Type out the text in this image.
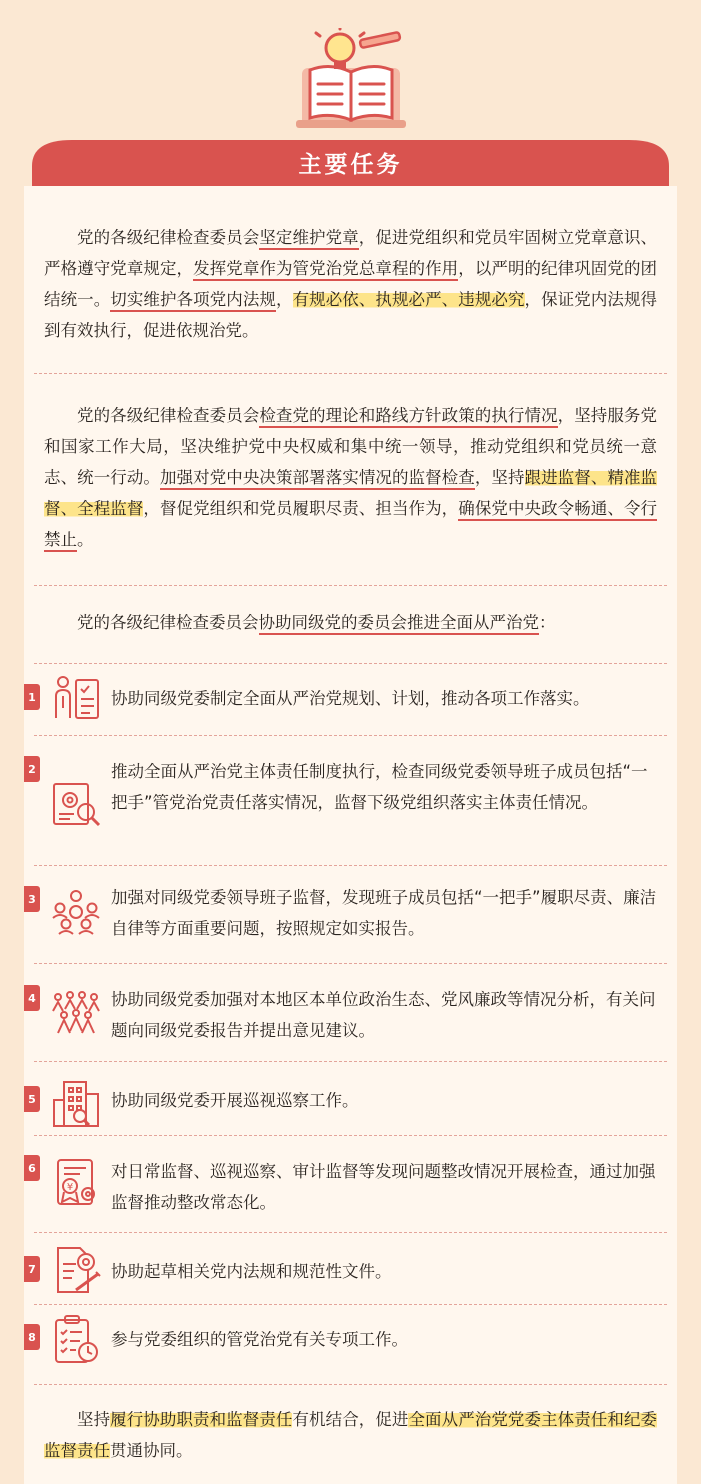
主要任务

党的各级纪律检查委员会坚定维护党章，促进党组织和党员牢固树立党章意识、严格遵守党章规定，发挥党章作为管党治党总章程的作用，以严明的纪律巩固党的团结统一。切实维护各项党内法规，有规必依、执规必严、违规必究，保证党内法规得到有效执行，促进依规治党。

党的各级纪律检查委员会检查党的理论和路线方针政策的执行情况，坚持服务党和国家工作大局，坚决维护党中央权威和集中统一领导，推动党组织和党员统一意志、统一行动。加强对党中央决策部署落实情况的监督检查，坚持跟进监督、精准监督、全程监督，督促党组织和党员履职尽责、担当作为，确保党中央政令畅通、令行禁止。

党的各级纪律检查委员会协助同级党的委员会推进全面从严治党：

1	协助同级党委制定全面从严治党规划、计划，推动各项工作落实。
2	推动全面从严治党主体责任制度执行，检查同级党委领导班子成员包括“一把手”管党治党责任落实情况，监督下级党组织落实主体责任情况。
3	加强对同级党委领导班子监督，发现班子成员包括“一把手”履职尽责、廉洁自律等方面重要问题，按照规定如实报告。
4	协助同级党委加强对本地区本单位政治生态、党风廉政等情况分析，有关问题向同级党委报告并提出意见建议。
5	协助同级党委开展巡视巡察工作。
6
¥
对日常监督、巡视巡察、审计监督等发现问题整改情况开展检查，通过加强监督推动整改常态化。
7	协助起草相关党内法规和规范性文件。
8	参与党委组织的管党治党有关专项工作。

坚持履行协助职责和监督责任有机结合，促进全面从严治党党委主体责任和纪委监督责任贯通协同。
